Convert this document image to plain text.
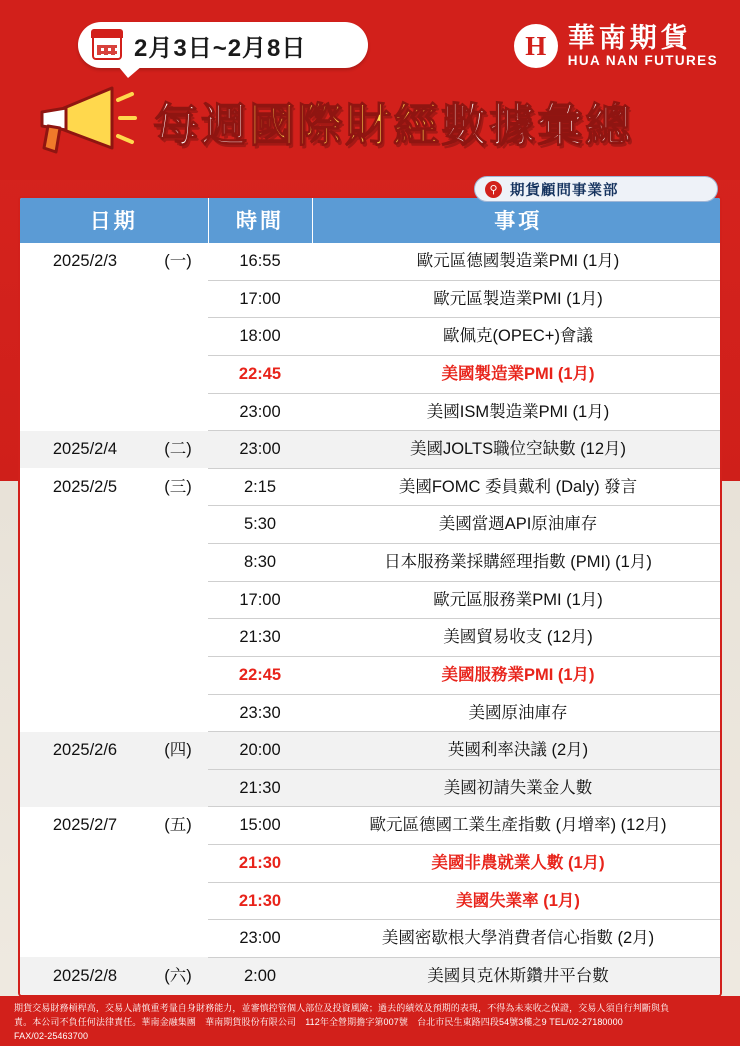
2月3日~2月8日	H 華南期貨
HUA NAN FUTURES
每週國際財經數據彙總
⚲ 期貨顧問事業部
日期		時間	事項
2025/2/3	(一)	16:55	歐元區德國製造業PMI (1月)
		17:00	歐元區製造業PMI (1月)
		18:00	歐佩克(OPEC+)會議
		22:45	美國製造業PMI (1月)
		23:00	美國ISM製造業PMI (1月)
2025/2/4	(二)	23:00	美國JOLTS職位空缺數 (12月)
2025/2/5	(三)	2:15	美國FOMC 委員戴利 (Daly) 發言
		5:30	美國當週API原油庫存
		8:30	日本服務業採購經理指數 (PMI) (1月)
		17:00	歐元區服務業PMI (1月)
		21:30	美國貿易收支 (12月)
		22:45	美國服務業PMI (1月)
		23:30	美國原油庫存
2025/2/6	(四)	20:00	英國利率決議 (2月)
		21:30	美國初請失業金人數
2025/2/7	(五)	15:00	歐元區德國工業生產指數 (月增率) (12月)
		21:30	美國非農就業人數 (1月)
		21:30	美國失業率 (1月)
		23:00	美國密歇根大學消費者信心指數 (2月)
2025/2/8	(六)	2:00	美國貝克休斯鑽井平台數
期貨交易財務槓桿高，交易人請慎重考量自身財務能力，並審慎控管個人部位及投資風險；過去的績效及預期的表現，不得為未來收之保證，交易人須自行判斷與負
責。本公司不負任何法律責任。華南金融集團　華南期貨股份有限公司　112年全營期擔字第007號　台北市民生東路四段54號3樓之9 TEL/02-27180000
FAX/02-25463700
